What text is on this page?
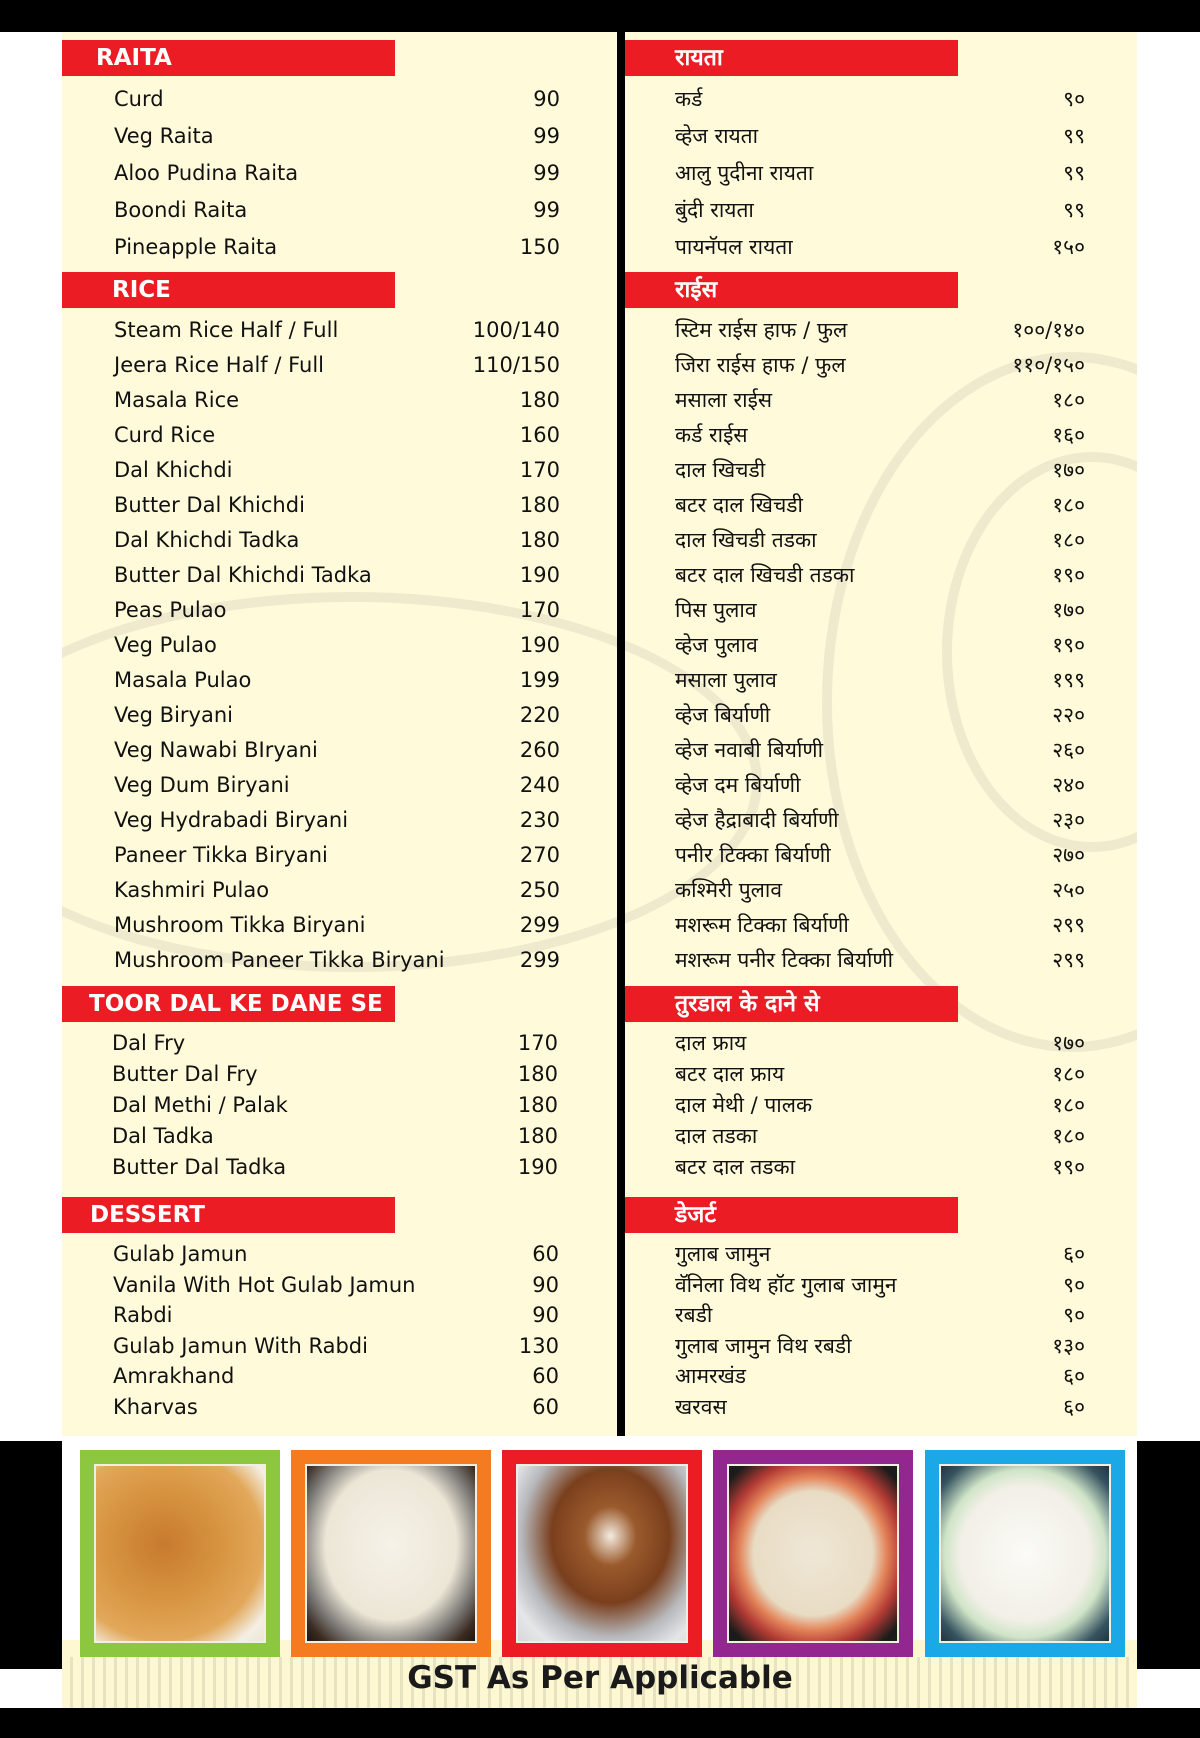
RAITA
Curd	90
Veg Raita	99
Aloo Pudina Raita	99
Boondi Raita	99
Pineapple Raita	150
RICE
Steam Rice Half / Full	100/140
Jeera Rice Half / Full	110/150
Masala Rice	180
Curd Rice	160
Dal Khichdi	170
Butter Dal Khichdi	180
Dal Khichdi Tadka	180
Butter Dal Khichdi Tadka	190
Peas Pulao	170
Veg Pulao	190
Masala Pulao	199
Veg Biryani	220
Veg Nawabi BIryani	260
Veg Dum Biryani	240
Veg Hydrabadi Biryani	230
Paneer Tikka Biryani	270
Kashmiri Pulao	250
Mushroom Tikka Biryani	299
Mushroom Paneer Tikka Biryani	299
TOOR DAL KE DANE SE
Dal Fry	170
Butter Dal Fry	180
Dal Methi / Palak	180
Dal Tadka	180
Butter Dal Tadka	190
DESSERT
Gulab Jamun	60
Vanila With Hot Gulab Jamun	90
Rabdi	90
Gulab Jamun With Rabdi	130
Amrakhand	60
Kharvas	60
रायता
कर्ड	९०
व्हेज रायता	९९
आलु पुदीना रायता	९९
बुंदी रायता	९९
पायनॅपल रायता	१५०
राईस
स्टिम राईस हाफ / फुल	१००/१४०
जिरा राईस हाफ / फुल	११०/१५०
मसाला राईस	१८०
कर्ड राईस	१६०
दाल खिचडी	१७०
बटर दाल खिचडी	१८०
दाल खिचडी तडका	१८०
बटर दाल खिचडी तडका	१९०
पिस पुलाव	१७०
व्हेज पुलाव	१९०
मसाला पुलाव	१९९
व्हेज बिर्याणी	२२०
व्हेज नवाबी बिर्याणी	२६०
व्हेज दम बिर्याणी	२४०
व्हेज हैद्राबादी बिर्याणी	२३०
पनीर टिक्का बिर्याणी	२७०
कश्मिरी पुलाव	२५०
मशरूम टिक्का बिर्याणी	२९९
मशरूम पनीर टिक्का बिर्याणी	२९९
तुरडाल के दाने से
दाल फ्राय	१७०
बटर दाल फ्राय	१८०
दाल मेथी / पालक	१८०
दाल तडका	१८०
बटर दाल तडका	१९०
डेजर्ट
गुलाब जामुन	६०
वॅनिला विथ हॉट गुलाब जामुन	९०
रबडी	९०
गुलाब जामुन विथ रबडी	१३०
आमरखंड	६०
खरवस	६०
GST As Per Applicable
